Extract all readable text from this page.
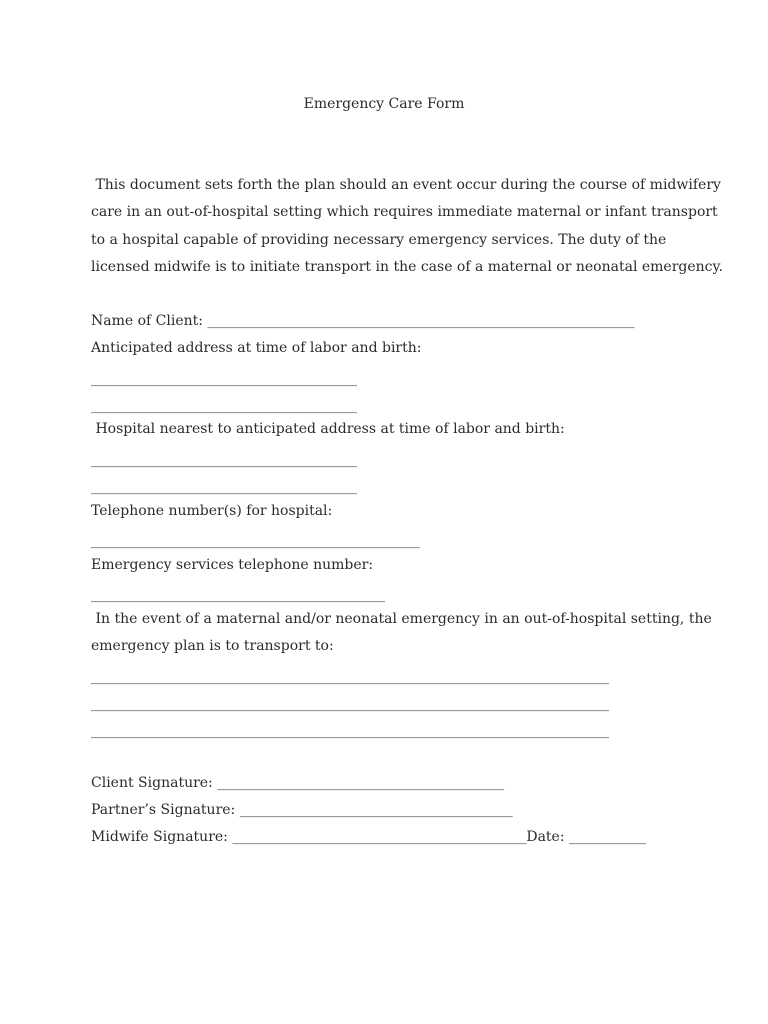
Emergency Care Form

This document sets forth the plan should an event occur during the course of midwifery

care in an out-of-hospital setting which requires immediate maternal or infant transport

to a hospital capable of providing necessary emergency services. The duty of the

licensed midwife is to initiate transport in the case of a maternal or neonatal emergency.

Name of Client: _____________________________________________________________

Anticipated address at time of labor and birth:

______________________________________

______________________________________

Hospital nearest to anticipated address at time of labor and birth:

______________________________________

______________________________________

Telephone number(s) for hospital:

_______________________________________________

Emergency services telephone number:

__________________________________________

In the event of a maternal and/or neonatal emergency in an out-of-hospital setting, the

emergency plan is to transport to:

__________________________________________________________________________

__________________________________________________________________________

__________________________________________________________________________

Client Signature: _________________________________________

Partner’s Signature: _______________________________________

Midwife Signature: __________________________________________Date: ___________
